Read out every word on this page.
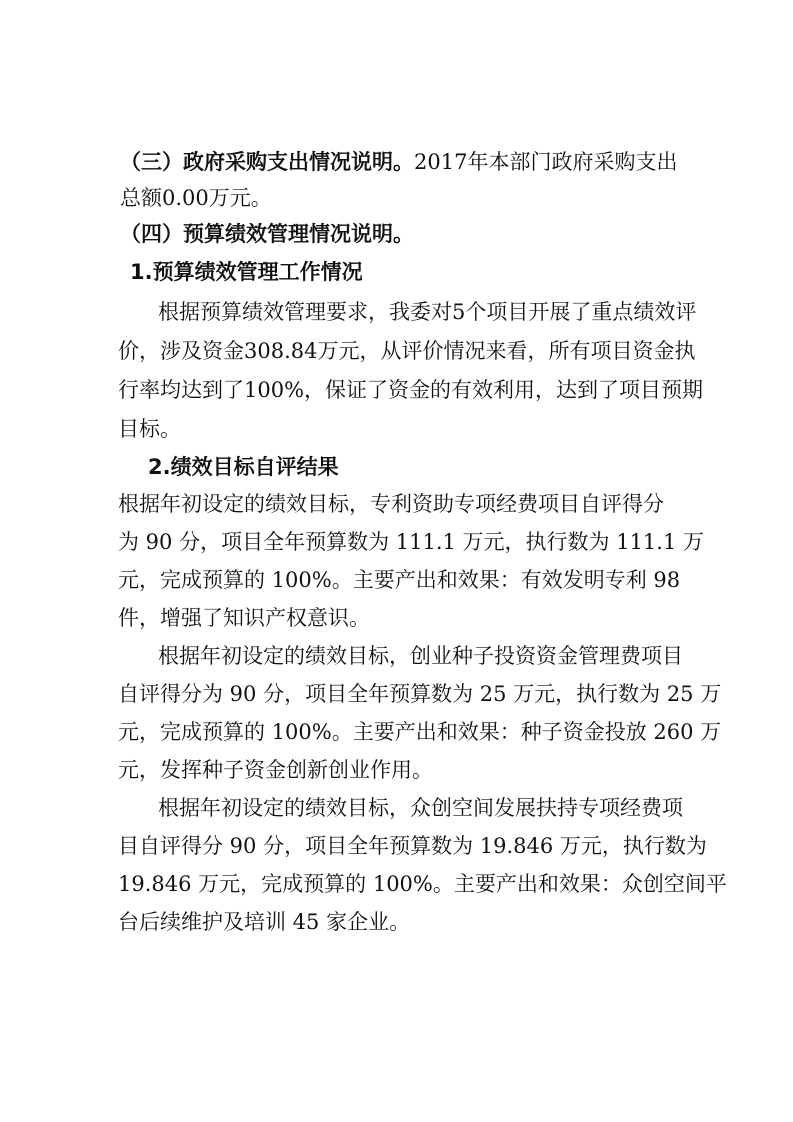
（三）政府采购支出情况说明。2017年本部门政府采购支出
总额0.00万元。
（四）预算绩效管理情况说明。
1.预算绩效管理工作情况
根据预算绩效管理要求，我委对5个项目开展了重点绩效评
价，涉及资金308.84万元，从评价情况来看，所有项目资金执
行率均达到了100%，保证了资金的有效利用，达到了项目预期
目标。
2.绩效目标自评结果
根据年初设定的绩效目标，专利资助专项经费项目自评得分
为 90 分，项目全年预算数为 111.1 万元，执行数为 111.1 万
元，完成预算的 100%。主要产出和效果：有效发明专利 98
件，增强了知识产权意识。
根据年初设定的绩效目标，创业种子投资资金管理费项目
自评得分为 90 分，项目全年预算数为 25 万元，执行数为 25 万
元，完成预算的 100%。主要产出和效果：种子资金投放 260 万
元，发挥种子资金创新创业作用。
根据年初设定的绩效目标，众创空间发展扶持专项经费项
目自评得分 90 分，项目全年预算数为 19.846 万元，执行数为
19.846 万元，完成预算的 100%。主要产出和效果：众创空间平
台后续维护及培训 45 家企业。
